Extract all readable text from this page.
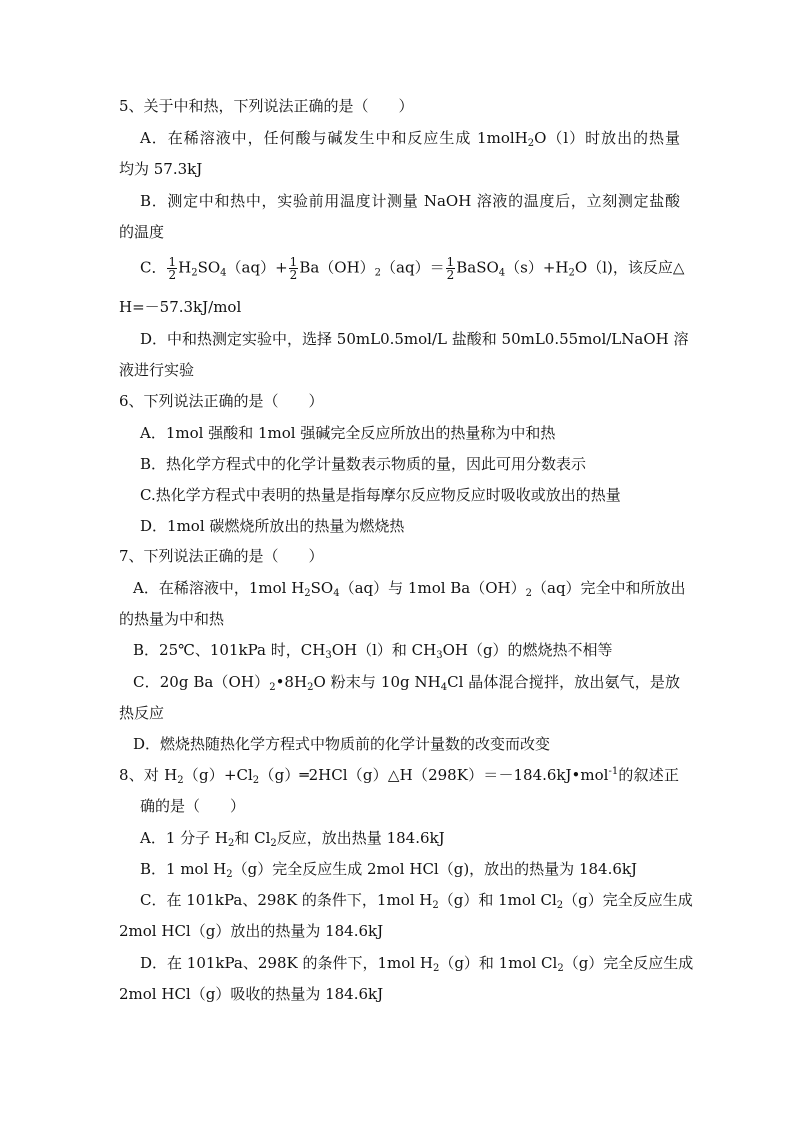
5、关于中和热，下列说法正确的是（　　）
A．在稀溶液中，任何酸与碱发生中和反应生成 1molH$_2$O（l）时放出的热量
均为 57.3kJ
B．测定中和热中，实验前用温度计测量 NaOH 溶液的温度后，立刻测定盐酸
的温度
C． $\frac{1}{2} H_2SO_4(aq)+ \frac{1}{2} Ba(OH)_2(aq)= \frac{1}{2}$ $BaSO_4(s)+H_2O(l)$，该反应△
H=－57.3kJ/mol
D．中和热测定实验中，选择 50mL0.5mol/L 盐酸和 50mL0.55mol/LNaOH 溶
液进行实验
6、下列说法正确的是（　　）
A．1mol 强酸和 1mol 强碱完全反应所放出的热量称为中和热
B．热化学方程式中的化学计量数表示物质的量，因此可用分数表示
C.热化学方程式中表明的热量是指每摩尔反应物反应时吸收或放出的热量
D．1mol 碳燃烧所放出的热量为燃烧热
7、下列说法正确的是（　　）
A．在稀溶液中，1mol $H_2SO_4(aq)$与 1mol $Ba(OH)_2(aq)$完全中和所放出
的热量为中和热
B．25℃、101kPa 时，$CH_3OH(l)$和 $CH_3OH(g)$的燃烧热不相等
C．20g $Ba(OH)_2•8H_2O$ 粉末与 10g $NH_4Cl$ 晶体混合搅拌，放出氨气，是放
热反应
D．燃烧热随热化学方程式中物质前的化学计量数的改变而改变
8、对 $H_2(g)+Cl_2(g)═2HCl(g)\triangle H(298K)=-184.6kJ•mol^{-1}$的叙述正
确的是（　　）
A．1 分子 $H_2$和 $Cl_2$反应，放出热量 184.6kJ
B．1 mol $H_2(g)$完全反应生成 2mol HCl（g)，放出的热量为 184.6kJ
C．在 101kPa、298K 的条件下，1mol $H_2(g)$和 1mol $Cl_2(g)$完全反应生成
2mol HCl（g）放出的热量为 184.6kJ
D．在 101kPa、298K 的条件下，1mol $H_2(g)$和 1mol $Cl_2(g)$完全反应生成
2mol HCl（g）吸收的热量为 184.6kJ
